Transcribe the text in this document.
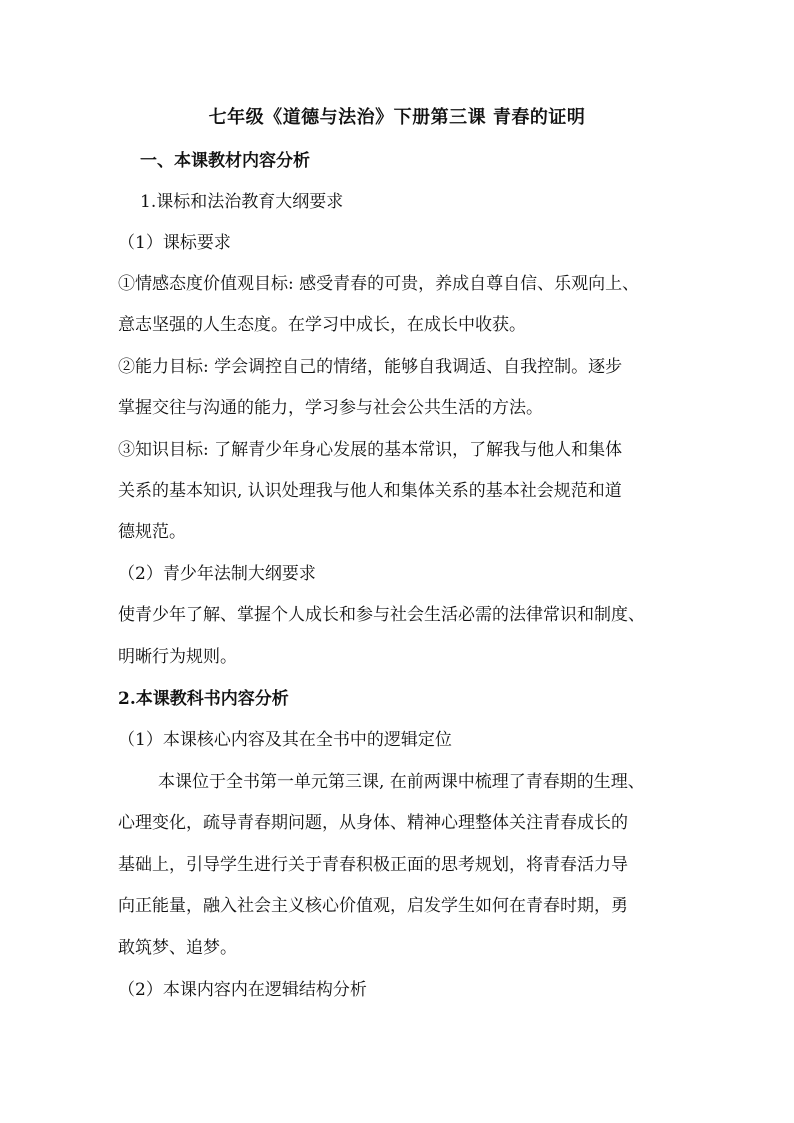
七年级《道德与法治》下册第三课 青春的证明
一、本课教材内容分析
1.课标和法治教育大纲要求
（1）课标要求
①情感态度价值观目标: 感受青春的可贵，养成自尊自信、乐观向上、
意志坚强的人生态度。在学习中成长，在成长中收获。
②能力目标: 学会调控自己的情绪，能够自我调适、自我控制。逐步
掌握交往与沟通的能力，学习参与社会公共生活的方法。
③知识目标: 了解青少年身心发展的基本常识，了解我与他人和集体
关系的基本知识, 认识处理我与他人和集体关系的基本社会规范和道
德规范。
（2）青少年法制大纲要求
使青少年了解、掌握个人成长和参与社会生活必需的法律常识和制度、
明晰行为规则。
2.本课教科书内容分析
（1）本课核心内容及其在全书中的逻辑定位
本课位于全书第一单元第三课, 在前两课中梳理了青春期的生理、
心理变化，疏导青春期问题，从身体、精神心理整体关注青春成长的
基础上，引导学生进行关于青春积极正面的思考规划，将青春活力导
向正能量，融入社会主义核心价值观，启发学生如何在青春时期，勇
敢筑梦、追梦。
（2）本课内容内在逻辑结构分析
